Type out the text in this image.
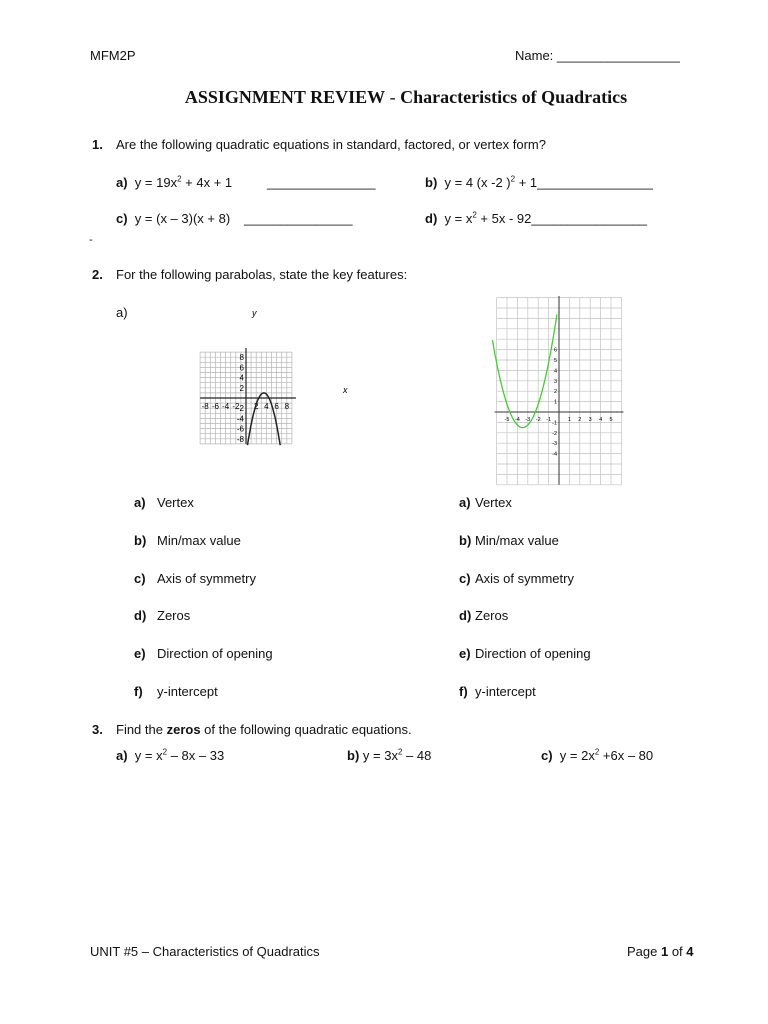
MFM2P	Name: _________________
ASSIGNMENT REVIEW - Characteristics of Quadratics
1. Are the following quadratic equations in standard, factored, or vertex form?
a) $y = 19x^2 + 4x + 1$	_______________	b) y = 4 (x -2 )$^2$ + 1________________
c) y = (x – 3)(x + 8) _______________	d) $y = x^2 + 5x$ - 92________________
-
2. For the following parabolas, state the key features:
a)
-8 -6 -4 -2 2 4 6 8
8
6
4
2
-2
-4
-6
-8
y
x
-5 -4 -3 -2 -1	1 2 3 4 5
6
5
4
3
2
1
-1
-2
-3
-4
a) Vertex
b) Min/max value
c) Axis of symmetry
d) Zeros
e) Direction of opening
f) y-intercept
a) Vertex
b) Min/max value
c) Axis of symmetry
d) Zeros
e) Direction of opening
f) y-intercept
3. Find the zeros of the following quadratic equations.
a) $y = x^2 - 8x - 33$	b) $y = 3x^2 - 48$	c) $y = 2x^2 +6x - 80$
UNIT #5 – Characteristics of Quadratics	Page 1 of 4
